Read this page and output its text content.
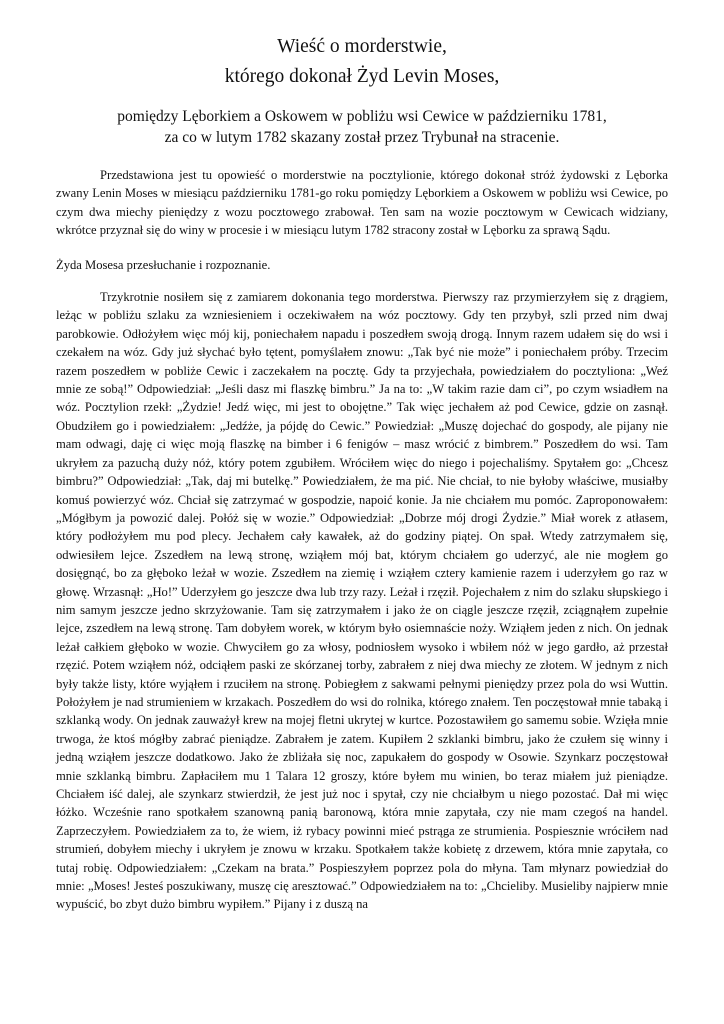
Wieść o morderstwie,
którego dokonał Żyd Levin Moses,
pomiędzy Lęborkiem a Oskowem w pobliżu wsi Cewice w październiku 1781,
za co w lutym 1782 skazany został przez Trybunał na stracenie.

Przedstawiona jest tu opowieść o morderstwie na pocztylionie, którego dokonał stróż żydowski z Lęborka zwany Lenin Moses w miesiącu październiku 1781-go roku pomiędzy Lęborkiem a Oskowem w pobliżu wsi Cewice, po czym dwa miechy pieniędzy z wozu pocztowego zrabował. Ten sam na wozie pocztowym w Cewicach widziany, wkrótce przyznał się do winy w procesie i w miesiącu lutym 1782 stracony został w Lęborku za sprawą Sądu.

Żyda Mosesa przesłuchanie i rozpoznanie.

Trzykrotnie nosiłem się z zamiarem dokonania tego morderstwa. Pierwszy raz przymierzyłem się z drągiem, leżąc w pobliżu szlaku za wzniesieniem i oczekiwałem na wóz pocztowy. Gdy ten przybył, szli przed nim dwaj parobkowie. Odłożyłem więc mój kij, poniechałem napadu i poszedłem swoją drogą. Innym razem udałem się do wsi i czekałem na wóz. Gdy już słychać było tętent, pomyślałem znowu: „Tak być nie może” i poniechałem próby. Trzecim razem poszedłem w pobliże Cewic i zaczekałem na pocztę. Gdy ta przyjechała, powiedziałem do pocztyliona: „Weź mnie ze sobą!” Odpowiedział: „Jeśli dasz mi flaszkę bimbru.” Ja na to: „W takim razie dam ci”, po czym wsiadłem na wóz. Pocztylion rzekł: „Żydzie! Jedź więc, mi jest to obojętne.” Tak więc jechałem aż pod Cewice, gdzie on zasnął. Obudziłem go i powiedziałem: „Jedźże, ja pójdę do Cewic.” Powiedział: „Muszę dojechać do gospody, ale pijany nie mam odwagi, daję ci więc moją flaszkę na bimber i 6 fenigów – masz wrócić z bimbrem.” Poszedłem do wsi. Tam ukryłem za pazuchą duży nóż, który potem zgubiłem. Wróciłem więc do niego i pojechaliśmy. Spytałem go: „Chcesz bimbru?” Odpowiedział: „Tak, daj mi butelkę.” Powiedziałem, że ma pić. Nie chciał, to nie byłoby właściwe, musiałby komuś powierzyć wóz. Chciał się zatrzymać w gospodzie, napoić konie. Ja nie chciałem mu pomóc. Zaproponowałem: „Mógłbym ja powozić dalej. Połóż się w wozie.” Odpowiedział: „Dobrze mój drogi Żydzie.” Miał worek z atłasem, który podłożyłem mu pod plecy. Jechałem cały kawałek, aż do godziny piątej. On spał. Wtedy zatrzymałem się, odwiesiłem lejce. Zszedłem na lewą stronę, wziąłem mój bat, którym chciałem go uderzyć, ale nie mogłem go dosięgnąć, bo za głęboko leżał w wozie. Zszedłem na ziemię i wziąłem cztery kamienie razem i uderzyłem go raz w głowę. Wrzasnął: „Ho!” Uderzyłem go jeszcze dwa lub trzy razy. Leżał i rzęził. Pojechałem z nim do szlaku słupskiego i nim samym jeszcze jedno skrzyżowanie. Tam się zatrzymałem i jako że on ciągle jeszcze rzęził, zciągnąłem zupełnie lejce, zszedłem na lewą stronę. Tam dobyłem worek, w którym było osiemnaście noży. Wziąłem jeden z nich. On jednak leżał całkiem głęboko w wozie. Chwyciłem go za włosy, podniosłem wysoko i wbiłem nóż w jego gardło, aż przestał rzęzić. Potem wziąłem nóż, odciąłem paski ze skórzanej torby, zabrałem z niej dwa miechy ze złotem. W jednym z nich były także listy, które wyjąłem i rzuciłem na stronę. Pobiegłem z sakwami pełnymi pieniędzy przez pola do wsi Wuttin. Położyłem je nad strumieniem w krzakach. Poszedłem do wsi do rolnika, którego znałem. Ten poczęstował mnie tabaką i szklanką wody. On jednak zauważył krew na mojej fletni ukrytej w kurtce. Pozostawiłem go samemu sobie. Wzięła mnie trwoga, że ktoś mógłby zabrać pieniądze. Zabrałem je zatem. Kupiłem 2 szklanki bimbru, jako że czułem się winny i jedną wziąłem jeszcze dodatkowo. Jako że zbliżała się noc, zapukałem do gospody w Osowie. Szynkarz poczęstował mnie szklanką bimbru. Zapłaciłem mu 1 Talara 12 groszy, które byłem mu winien, bo teraz miałem już pieniądze. Chciałem iść dalej, ale szynkarz stwierdził, że jest już noc i spytał, czy nie chciałbym u niego pozostać. Dał mi więc łóżko. Wcześnie rano spotkałem szanowną panią baronową, która mnie zapytała, czy nie mam czegoś na handel. Zaprzeczyłem. Powiedziałem za to, że wiem, iż rybacy powinni mieć pstrąga ze strumienia. Pospiesznie wróciłem nad strumień, dobyłem miechy i ukryłem je znowu w krzaku. Spotkałem także kobietę z drzewem, która mnie zapytała, co tutaj robię. Odpowiedziałem: „Czekam na brata.” Pospieszyłem poprzez pola do młyna. Tam młynarz powiedział do mnie: „Moses! Jesteś poszukiwany, muszę cię aresztować.” Odpowiedziałem na to: „Chcieliby. Musieliby najpierw mnie wypuścić, bo zbyt dużo bimbru wypiłem.” Pijany i z duszą na
